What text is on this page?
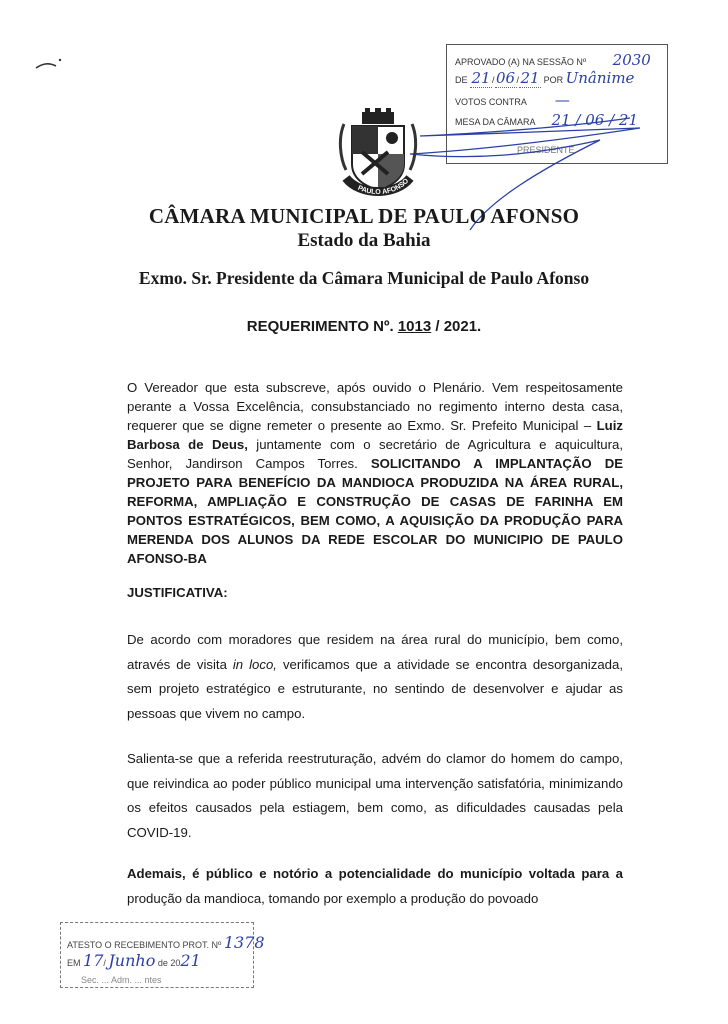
APROVADO (A) NA SESSÃO Nº 2030
DE 21/06/21 POR Unânime
VOTOS CONTRA —
MESA DA CÂMARA 21 / 06 / 21
PRESIDENTE
PAULO AFONSO
CÂMARA MUNICIPAL DE PAULO AFONSO
Estado da Bahia
Exmo. Sr. Presidente da Câmara Municipal de Paulo Afonso
REQUERIMENTO Nº. 1013 / 2021.
O Vereador que esta subscreve, após ouvido o Plenário. Vem respeitosamente perante a Vossa Excelência, consubstanciado no regimento interno desta casa, requerer que se digne remeter o presente ao Exmo. Sr. Prefeito Municipal – Luiz Barbosa de Deus, juntamente com o secretário de Agricultura e aquicultura, Senhor, Jandirson Campos Torres. SOLICITANDO A IMPLANTAÇÃO DE PROJETO PARA BENEFÍCIO DA MANDIOCA PRODUZIDA NA ÁREA RURAL, REFORMA, AMPLIAÇÃO E CONSTRUÇÃO DE CASAS DE FARINHA EM PONTOS ESTRATÉGICOS, BEM COMO, A AQUISIÇÃO DA PRODUÇÃO PARA MERENDA DOS ALUNOS DA REDE ESCOLAR DO MUNICIPIO DE PAULO AFONSO-BA
JUSTIFICATIVA:
De acordo com moradores que residem na área rural do município, bem como, através de visita in loco, verificamos que a atividade se encontra desorganizada, sem projeto estratégico e estruturante, no sentindo de desenvolver e ajudar as pessoas que vivem no campo.
Salienta-se que a referida reestruturação, advém do clamor do homem do campo, que reivindica ao poder público municipal uma intervenção satisfatória, minimizando os efeitos causados pela estiagem, bem como, as dificuldades causadas pela COVID-19.
Ademais, é público e notório a potencialidade do município voltada para a produção da mandioca, tomando por exemplo a produção do povoado
ATESTO O RECEBIMENTO PROT. Nº 1378
EM 17/ Junho de 2021
Sec. ... Adm. ... ntes
